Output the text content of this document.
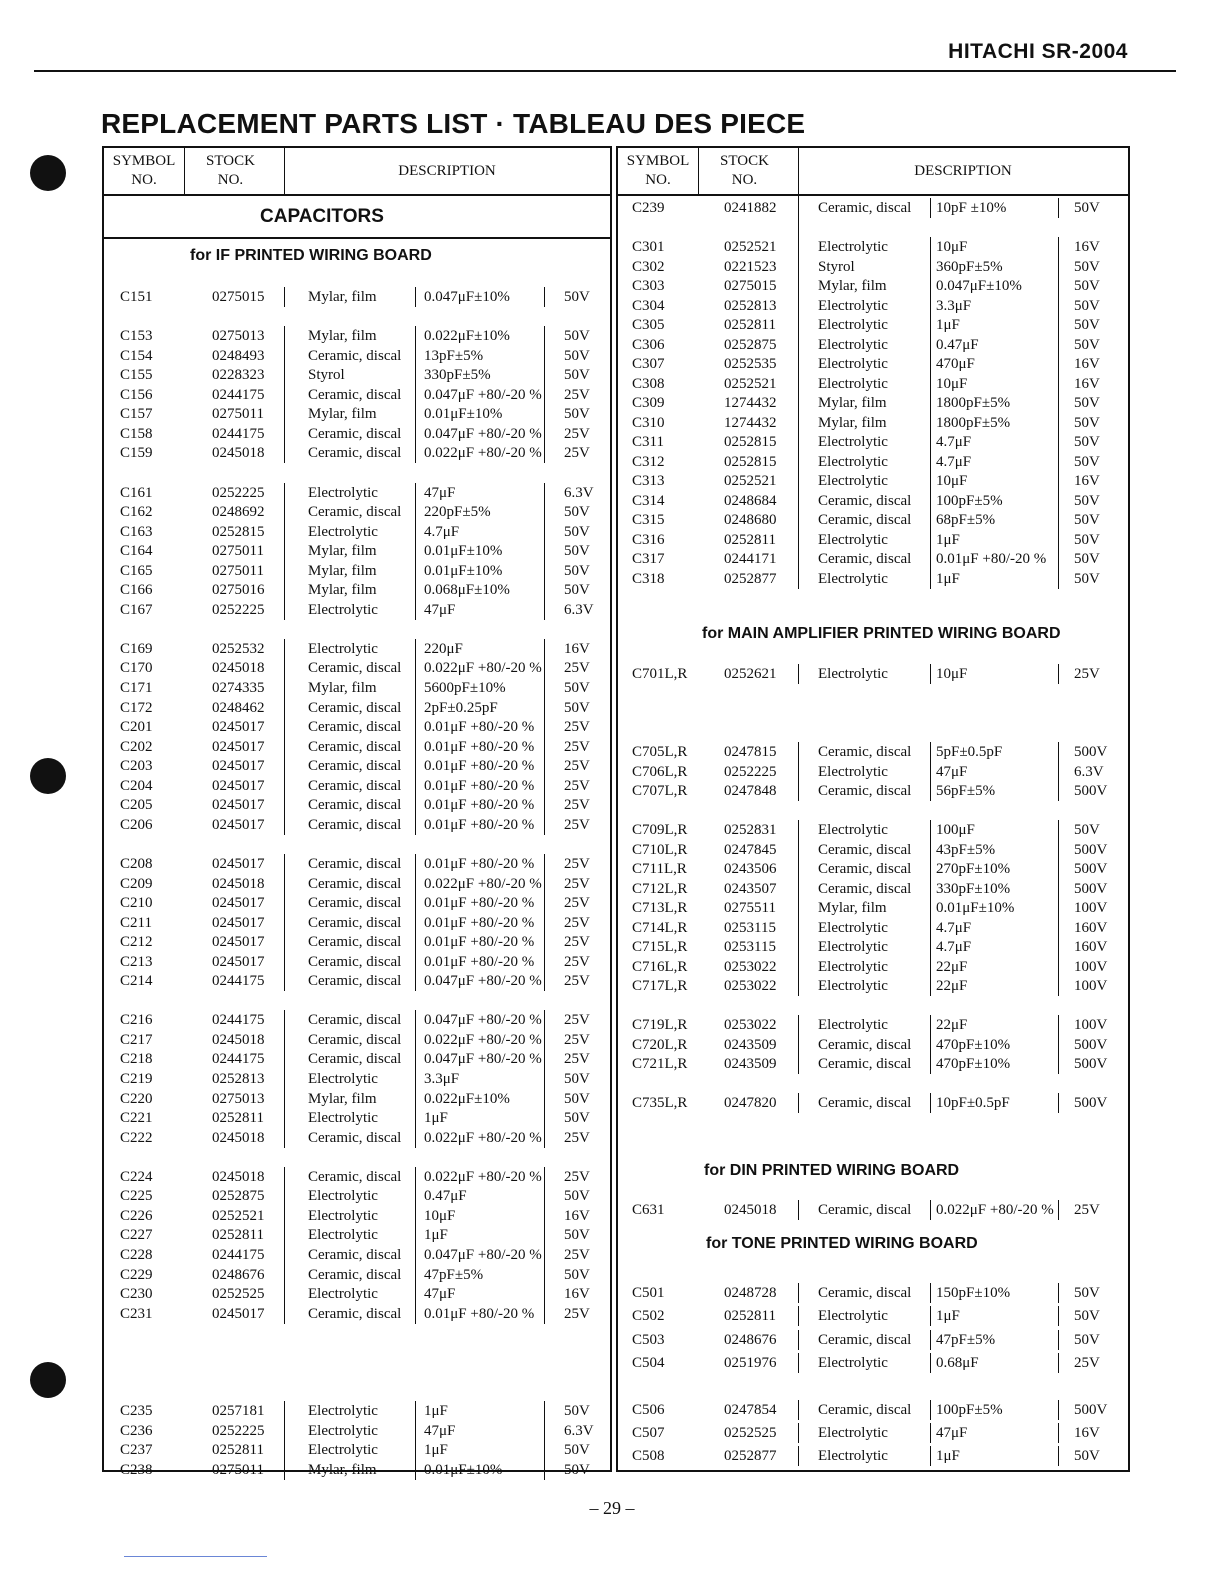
HITACHI SR-2004
REPLACEMENT PARTS LIST · TABLEAU DES PIECE
SYMBOL
NO.
STOCK
NO.
DESCRIPTION
CAPACITORS
for IF PRINTED WIRING BOARD
C151	0275015	Mylar, film	0.047μF±10%	50V
C153	0275013	Mylar, film	0.022μF±10%	50V
C154	0248493	Ceramic, discal 13pF±5%	50V
C155	0228323	Styrol	330pF±5%	50V
C156	0244175	Ceramic, discal 0.047μF +80/-20 % 25V
C157	0275011	Mylar, film	0.01μF±10%	50V
C158	0244175	Ceramic, discal 0.047μF +80/-20 % 25V
C159	0245018	Ceramic, discal 0.022μF +80/-20 % 25V
C161	0252225	Electrolytic	47μF	6.3V
C162	0248692	Ceramic, discal 220pF±5%	50V
C163	0252815	Electrolytic	4.7μF	50V
C164	0275011	Mylar, film	0.01μF±10%	50V
C165	0275011	Mylar, film	0.01μF±10%	50V
C166	0275016	Mylar, film	0.068μF±10%	50V
C167	0252225	Electrolytic	47μF	6.3V
C169	0252532	Electrolytic	220μF	16V
C170	0245018	Ceramic, discal 0.022μF +80/-20 % 25V
C171	0274335	Mylar, film	5600pF±10%	50V
C172	0248462	Ceramic, discal 2pF±0.25pF	50V
C201	0245017	Ceramic, discal 0.01μF +80/-20 % 25V
C202	0245017	Ceramic, discal 0.01μF +80/-20 % 25V
C203	0245017	Ceramic, discal 0.01μF +80/-20 % 25V
C204	0245017	Ceramic, discal 0.01μF +80/-20 % 25V
C205	0245017	Ceramic, discal 0.01μF +80/-20 % 25V
C206	0245017	Ceramic, discal 0.01μF +80/-20 % 25V
C208	0245017	Ceramic, discal 0.01μF +80/-20 % 25V
C209	0245018	Ceramic, discal 0.022μF +80/-20 % 25V
C210	0245017	Ceramic, discal 0.01μF +80/-20 % 25V
C211	0245017	Ceramic, discal 0.01μF +80/-20 % 25V
C212	0245017	Ceramic, discal 0.01μF +80/-20 % 25V
C213	0245017	Ceramic, discal 0.01μF +80/-20 % 25V
C214	0244175	Ceramic, discal 0.047μF +80/-20 % 25V
C216	0244175	Ceramic, discal 0.047μF +80/-20 % 25V
C217	0245018	Ceramic, discal 0.022μF +80/-20 % 25V
C218	0244175	Ceramic, discal 0.047μF +80/-20 % 25V
C219	0252813	Electrolytic	3.3μF	50V
C220	0275013	Mylar, film	0.022μF±10%	50V
C221	0252811	Electrolytic	1μF	50V
C222	0245018	Ceramic, discal 0.022μF +80/-20 % 25V
C224	0245018	Ceramic, discal 0.022μF +80/-20 % 25V
C225	0252875	Electrolytic	0.47μF	50V
C226	0252521	Electrolytic	10μF	16V
C227	0252811	Electrolytic	1μF	50V
C228	0244175	Ceramic, discal 0.047μF +80/-20 % 25V
C229	0248676	Ceramic, discal 47pF±5%	50V
C230	0252525	Electrolytic	47μF	16V
C231	0245017	Ceramic, discal 0.01μF +80/-20 % 25V
C235	0257181	Electrolytic	1μF	50V
C236	0252225	Electrolytic	47μF	6.3V
C237	0252811	Electrolytic	1μF	50V
C238	0275011	Mylar, film	0.01μF±10%	50V
SYMBOL
NO.
STOCK
NO.
DESCRIPTION
C239	0241882	Ceramic, discal 10pF ±10%	50V
C301	0252521	Electrolytic	10μF	16V
C302	0221523	Styrol	360pF±5%	50V
C303	0275015	Mylar, film	0.047μF±10%	50V
C304	0252813	Electrolytic	3.3μF	50V
C305	0252811	Electrolytic	1μF	50V
C306	0252875	Electrolytic	0.47μF	50V
C307	0252535	Electrolytic	470μF	16V
C308	0252521	Electrolytic	10μF	16V
C309	1274432	Mylar, film	1800pF±5%	50V
C310	1274432	Mylar, film	1800pF±5%	50V
C311	0252815	Electrolytic	4.7μF	50V
C312	0252815	Electrolytic	4.7μF	50V
C313	0252521	Electrolytic	10μF	16V
C314	0248684	Ceramic, discal 100pF±5%	50V
C315	0248680	Ceramic, discal 68pF±5%	50V
C316	0252811	Electrolytic	1μF	50V
C317	0244171	Ceramic, discal 0.01μF +80/-20 % 50V
C318	0252877	Electrolytic	1μF	50V
for MAIN AMPLIFIER PRINTED WIRING BOARD
C701L,R 0252621	Electrolytic	10μF	25V
C705L,R 0247815	Ceramic, discal 5pF±0.5pF	500V
C706L,R 0252225	Electrolytic	47μF	6.3V
C707L,R 0247848	Ceramic, discal 56pF±5%	500V
C709L,R 0252831	Electrolytic	100μF	50V
C710L,R 0247845	Ceramic, discal 43pF±5%	500V
C711L,R 0243506	Ceramic, discal 270pF±10%	500V
C712L,R 0243507	Ceramic, discal 330pF±10%	500V
C713L,R 0275511	Mylar, film	0.01μF±10%	100V
C714L,R 0253115	Electrolytic	4.7μF	160V
C715L,R 0253115	Electrolytic	4.7μF	160V
C716L,R 0253022	Electrolytic	22μF	100V
C717L,R 0253022	Electrolytic	22μF	100V
C719L,R 0253022	Electrolytic	22μF	100V
C720L,R 0243509	Ceramic, discal 470pF±10%	500V
C721L,R 0243509	Ceramic, discal 470pF±10%	500V
C735L,R 0247820	Ceramic, discal 10pF±0.5pF	500V
for DIN PRINTED WIRING BOARD
C631	0245018	Ceramic, discal 0.022μF +80/-20 % 25V
for TONE PRINTED WIRING BOARD
C501	0248728	Ceramic, discal 150pF±10%	50V
C502	0252811	Electrolytic	1μF	50V
C503	0248676	Ceramic, discal 47pF±5%	50V
C504	0251976	Electrolytic	0.68μF	25V
C506	0247854	Ceramic, discal 100pF±5%	500V
C507	0252525	Electrolytic	47μF	16V
C508	0252877	Electrolytic	1μF	50V
– 29 –
